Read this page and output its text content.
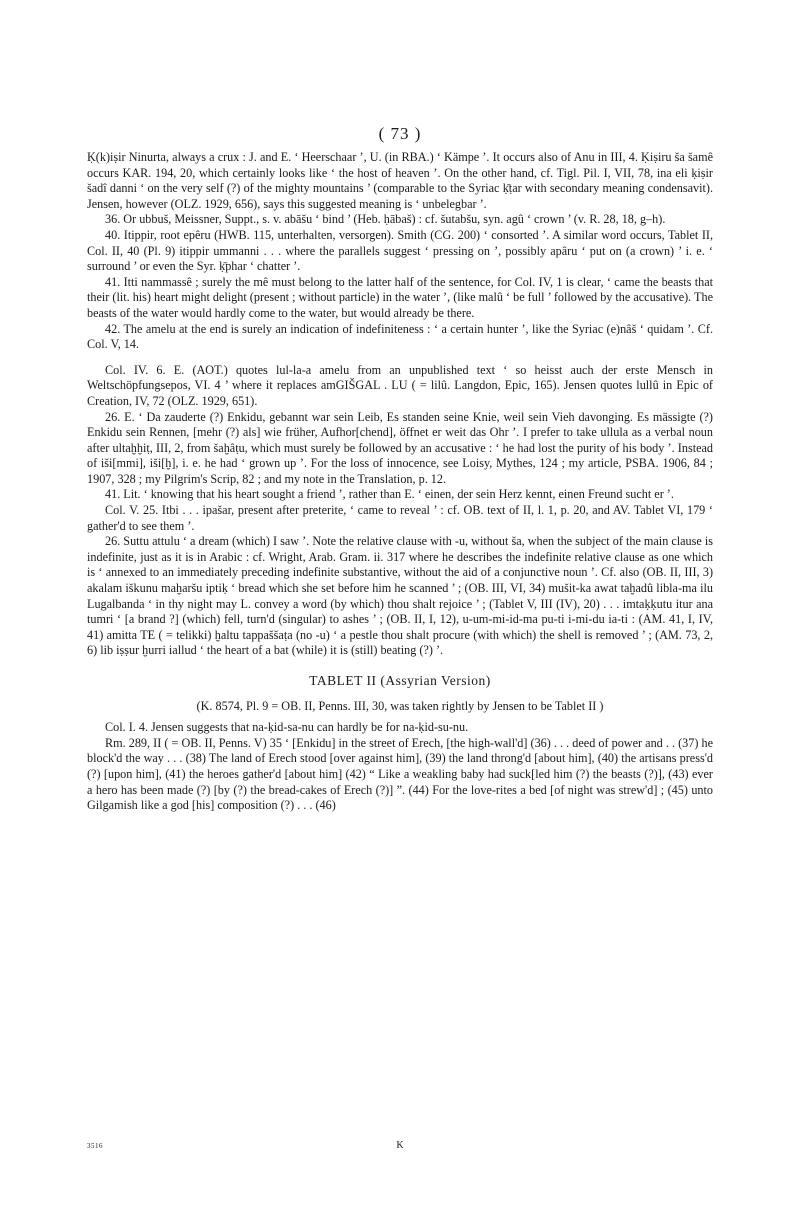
( 73 )

Ḳ(k)iṣir Ninurta, always a crux : J. and E. ‘ Heerschaar ’, U. (in RBA.) ‘ Kämpe ’. It occurs also of Anu in III, 4. Ḳiṣiru ša šamê occurs KAR. 194, 20, which certainly looks like ‘ the host of heaven ’. On the other hand, cf. Tigl. Pil. I, VII, 78, ina eli ḳiṣir šadî danni ‘ on the very self (?) of the mighty mountains ’ (comparable to the Syriac ḳ̄ṭar with secondary meaning condensavit). Jensen, however (OLZ. 1929, 656), says this suggested meaning is ‘ unbelegbar ’.

36. Or ubbuš, Meissner, Suppt., s. v. abāšu ‘ bind ’ (Heb. ḥābaš) : cf. šutabšu, syn. agû ‘ crown ’ (v. R. 28, 18, g–h).

40. Itippir, root epêru (HWB. 115, unterhalten, versorgen). Smith (CG. 200) ‘ consorted ’. A similar word occurs, Tablet II, Col. II, 40 (Pl. 9) itippir ummanni . . . where the parallels suggest ‘ pressing on ’, possibly apâru ‘ put on (a crown) ’ i. e. ‘ surround ’ or even the Syr. ḳ̄phar ‘ chatter ’.

41. Itti nammassê ; surely the mê must belong to the latter half of the sentence, for Col. IV, 1 is clear, ‘ came the beasts that their (lit. his) heart might delight (present ; without particle) in the water ’, (like malû ‘ be full ’ followed by the accusative). The beasts of the water would hardly come to the water, but would already be there.

42. The amelu at the end is surely an indication of indefiniteness : ‘ a certain hunter ’, like the Syriac (e)nâš ‘ quidam ’. Cf. Col. V, 14.

Col. IV. 6. E. (AOT.) quotes lul-la-a amelu from an unpublished text ‘ so heisst auch der erste Mensch in Weltschöpfungsepos, VI. 4 ’ where it replaces amGIŠGAL . LU ( = lilû. Langdon, Epic, 165). Jensen quotes lullû in Epic of Creation, IV, 72 (OLZ. 1929, 651).

26. E. ‘ Da zauderte (?) Enkidu, gebannt war sein Leib, Es standen seine Knie, weil sein Vieh davonging. Es mässigte (?) Enkidu sein Rennen, [mehr (?) als] wie früher, Aufhor[chend], öffnet er weit das Ohr ’. I prefer to take ullula as a verbal noun after ultaḫḫiṭ, III, 2, from šaḫâṭu, which must surely be followed by an accusative : ‘ he had lost the purity of his body ’. Instead of iši[mmi], iši[ḫ], i. e. he had ‘ grown up ’. For the loss of innocence, see Loisy, Mythes, 124 ; my article, PSBA. 1906, 84 ; 1907, 328 ; my Pilgrim's Scrip, 82 ; and my note in the Translation, p. 12.

41. Lit. ‘ knowing that his heart sought a friend ’, rather than E. ‘ einen, der sein Herz kennt, einen Freund sucht er ’.

Col. V. 25. Itbi . . . ipašar, present after preterite, ‘ came to reveal ’ : cf. OB. text of II, l. 1, p. 20, and AV. Tablet VI, 179 ‘ gather'd to see them ’.

26. Suttu attulu ‘ a dream (which) I saw ’. Note the relative clause with -u, without ša, when the subject of the main clause is indefinite, just as it is in Arabic : cf. Wright, Arab. Gram. ii. 317 where he describes the indefinite relative clause as one which is ‘ annexed to an immediately preceding indefinite substantive, without the aid of a conjunctive noun ’. Cf. also (OB. II, III, 3) akalam iškunu maḫaršu iptiḳ ‘ bread which she set before him he scanned ’ ; (OB. III, VI, 34) mušit-ka awat taḫadû libla-ma ilu Lugalbanda ‘ in thy night may L. convey a word (by which) thou shalt rejoice ’ ; (Tablet V, III (IV), 20) . . . imtaḳḳutu itur ana tumri ‘ [a brand ?] (which) fell, turn'd (singular) to ashes ’ ; (OB. II, I, 12), u-um-mi-id-ma pu-ti i-mi-du ia-ti : (AM. 41, I, IV, 41) amitta TE ( = telikki) ḫaltu tappaššaṭa (no -u) ‘ a pestle thou shalt procure (with which) the shell is removed ’ ; (AM. 73, 2, 6) lib iṣṣur ḫurri iallud ‘ the heart of a bat (while) it is (still) beating (?) ’.

TABLET II (Assyrian Version)

(K. 8574, Pl. 9 = OB. II, Penns. III, 30, was taken rightly by Jensen to be Tablet II )

Col. I. 4. Jensen suggests that na-ḳid-sa-nu can hardly be for na-ḳid-su-nu.

Rm. 289, II ( = OB. II, Penns. V) 35 ‘ [Enkidu] in the street of Erech, [the high-wall'd] (36) . . . deed of power and . . (37) he block'd the way . . . (38) The land of Erech stood [over against him], (39) the land throng'd [about him], (40) the artisans press'd (?) [upon him], (41) the heroes gather'd [about him] (42) “ Like a weakling baby had suck[led him (?) the beasts (?)], (43) ever a hero has been made (?) [by (?) the bread-cakes of Erech (?)] ”. (44) For the love-rites a bed [of night was strew'd] ; (45) unto Gilgamish like a god [his] composition (?) . . . (46)

3516	K
